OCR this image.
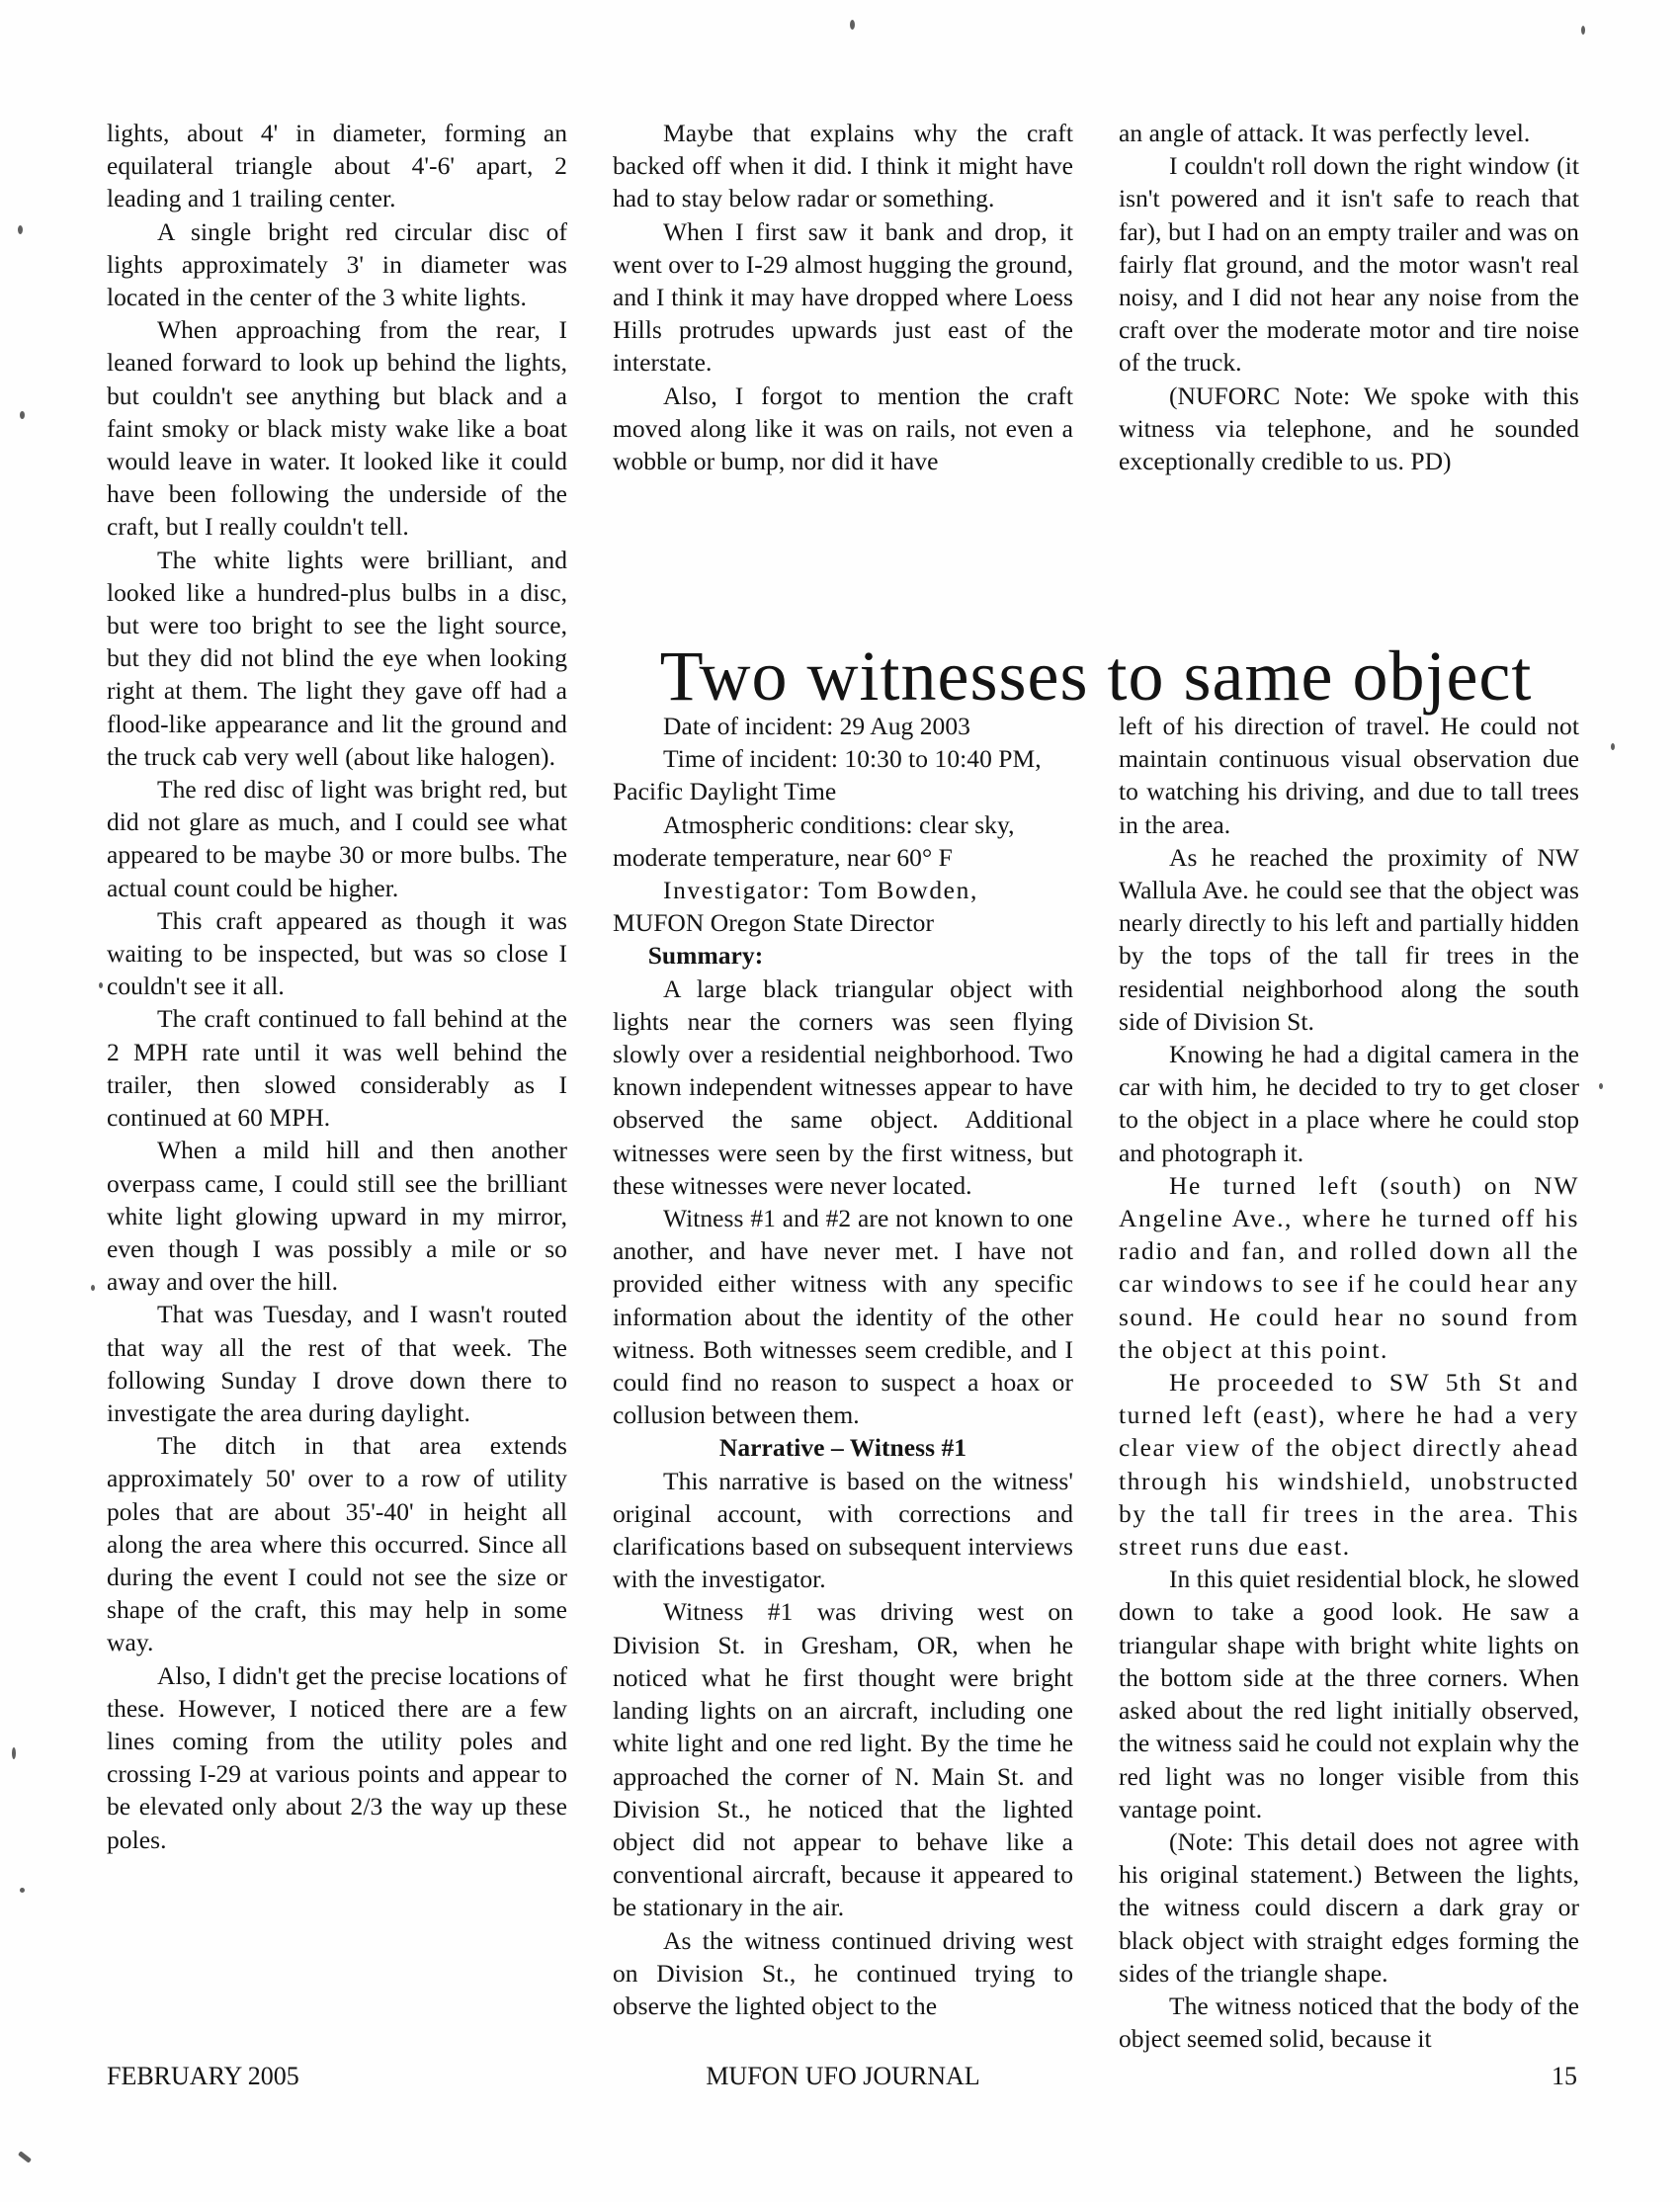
lights, about 4' in diameter, forming an equilateral triangle about 4'-6' apart, 2 leading and 1 trailing center.

A single bright red circular disc of lights approximately 3' in diameter was located in the center of the 3 white lights.

When approaching from the rear, I leaned forward to look up behind the lights, but couldn't see anything but black and a faint smoky or black misty wake like a boat would leave in water. It looked like it could have been following the underside of the craft, but I really couldn't tell.

The white lights were brilliant, and looked like a hundred-plus bulbs in a disc, but were too bright to see the light source, but they did not blind the eye when looking right at them. The light they gave off had a flood-like appearance and lit the ground and the truck cab very well (about like halogen).

The red disc of light was bright red, but did not glare as much, and I could see what appeared to be maybe 30 or more bulbs. The actual count could be higher.

This craft appeared as though it was waiting to be inspected, but was so close I couldn't see it all.

The craft continued to fall behind at the 2 MPH rate until it was well behind the trailer, then slowed considerably as I continued at 60 MPH.

When a mild hill and then another overpass came, I could still see the brilliant white light glowing upward in my mirror, even though I was possibly a mile or so away and over the hill.

That was Tuesday, and I wasn't routed that way all the rest of that week. The following Sunday I drove down there to investigate the area during daylight.

The ditch in that area extends approximately 50' over to a row of utility poles that are about 35'-40' in height all along the area where this occurred. Since all during the event I could not see the size or shape of the craft, this may help in some way.

Also, I didn't get the precise locations of these. However, I noticed there are a few lines coming from the utility poles and crossing I-29 at various points and appear to be elevated only about 2/3 the way up these poles.

Maybe that explains why the craft backed off when it did. I think it might have had to stay below radar or something.

When I first saw it bank and drop, it went over to I-29 almost hugging the ground, and I think it may have dropped where Loess Hills protrudes upwards just east of the interstate.

Also, I forgot to mention the craft moved along like it was on rails, not even a wobble or bump, nor did it have

an angle of attack. It was perfectly level.

I couldn't roll down the right window (it isn't powered and it isn't safe to reach that far), but I had on an empty trailer and was on fairly flat ground, and the motor wasn't real noisy, and I did not hear any noise from the craft over the moderate motor and tire noise of the truck.

(NUFORC Note: We spoke with this witness via telephone, and he sounded exceptionally credible to us. PD)

Two witnesses to same object

Date of incident: 29 Aug 2003

Time of incident: 10:30 to 10:40 PM,

Pacific Daylight Time

Atmospheric conditions: clear sky,

moderate temperature, near 60° F

Investigator: Tom Bowden,

MUFON Oregon State Director

Summary:

A large black triangular object with lights near the corners was seen flying slowly over a residential neighborhood. Two known independent witnesses appear to have observed the same object. Additional witnesses were seen by the first witness, but these witnesses were never located.

Witness #1 and #2 are not known to one another, and have never met. I have not provided either witness with any specific information about the identity of the other witness. Both witnesses seem credible, and I could find no reason to suspect a hoax or collusion between them.

Narrative – Witness #1

This narrative is based on the witness' original account, with corrections and clarifications based on subsequent interviews with the investigator.

Witness #1 was driving west on Division St. in Gresham, OR, when he noticed what he first thought were bright landing lights on an aircraft, including one white light and one red light. By the time he approached the corner of N. Main St. and Division St., he noticed that the lighted object did not appear to behave like a conventional aircraft, because it appeared to be stationary in the air.

As the witness continued driving west on Division St., he continued trying to observe the lighted object to the

left of his direction of travel. He could not maintain continuous visual observation due to watching his driving, and due to tall trees in the area.

As he reached the proximity of NW Wallula Ave. he could see that the object was nearly directly to his left and partially hidden by the tops of the tall fir trees in the residential neighborhood along the south side of Division St.

Knowing he had a digital camera in the car with him, he decided to try to get closer to the object in a place where he could stop and photograph it.

He turned left (south) on NW Angeline Ave., where he turned off his radio and fan, and rolled down all the car windows to see if he could hear any sound. He could hear no sound from the object at this point.

He proceeded to SW 5th St and turned left (east), where he had a very clear view of the object directly ahead through his windshield, unobstructed by the tall fir trees in the area. This street runs due east.

In this quiet residential block, he slowed down to take a good look. He saw a triangular shape with bright white lights on the bottom side at the three corners. When asked about the red light initially observed, the witness said he could not explain why the red light was no longer visible from this vantage point.

(Note: This detail does not agree with his original statement.) Between the lights, the witness could discern a dark gray or black object with straight edges forming the sides of the triangle shape.

The witness noticed that the body of the object seemed solid, because it

FEBRUARY 2005	MUFON UFO JOURNAL	15
